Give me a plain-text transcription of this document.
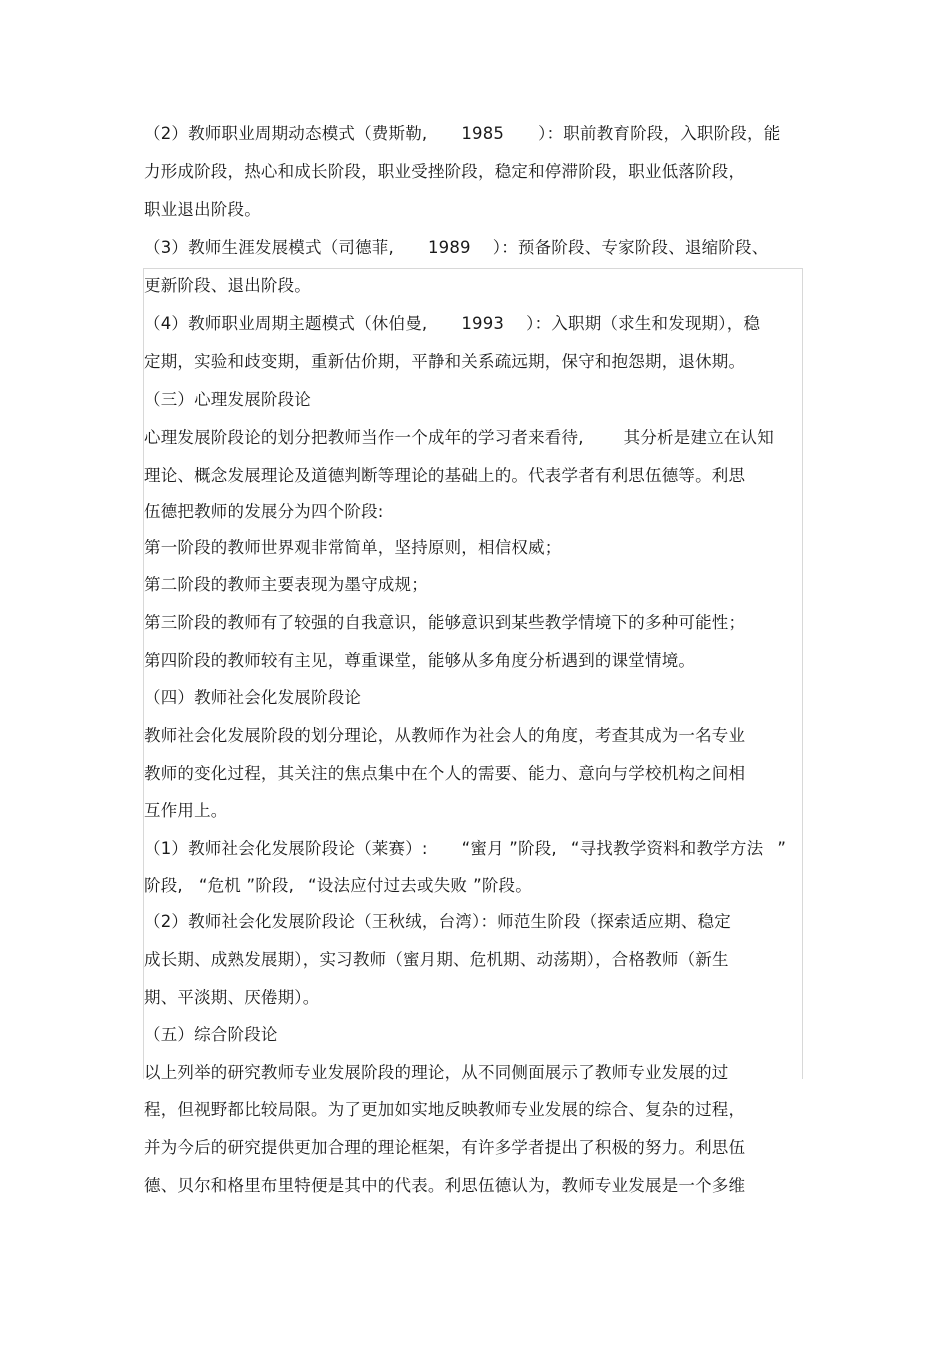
（2）教师职业周期动态模式（费斯勒, 1985 ）：职前教育阶段，入职阶段，能
力形成阶段，热心和成长阶段，职业受挫阶段，稳定和停滞阶段，职业低落阶段，
职业退出阶段。
（3）教师生涯发展模式（司德菲, 1989 ）：预备阶段、专家阶段、退缩阶段、
更新阶段、退出阶段。
（4）教师职业周期主题模式（休伯曼, 1993 ）：入职期（求生和发现期），稳
定期，实验和歧变期，重新估价期，平静和关系疏远期，保守和抱怨期，退休期。
（三）心理发展阶段论
心理发展阶段论的划分把教师当作一个成年的学习者来看待, 其分析是建立在认知
理论、概念发展理论及道德判断等理论的基础上的。代表学者有利思伍德等。利思
伍德把教师的发展分为四个阶段:
第一阶段的教师世界观非常简单，坚持原则，相信权威；
第二阶段的教师主要表现为墨守成规；
第三阶段的教师有了较强的自我意识，能够意识到某些教学情境下的多种可能性；
第四阶段的教师较有主见，尊重课堂，能够从多角度分析遇到的课堂情境。
（四）教师社会化发展阶段论
教师社会化发展阶段的划分理论，从教师作为社会人的角度，考查其成为一名专业
教师的变化过程，其关注的焦点集中在个人的需要、能力、意向与学校机构之间相
互作用上。
（1）教师社会化发展阶段论（莱赛）: “蜜月 ”阶段, “寻找教学资料和教学方法 ”
阶段, “危机 ”阶段, “设法应付过去或失败 ”阶段。
（2）教师社会化发展阶段论（王秋绒，台湾）：师范生阶段（探索适应期、稳定
成长期、成熟发展期），实习教师（蜜月期、危机期、动荡期），合格教师（新生
期、平淡期、厌倦期）。
（五）综合阶段论
以上列举的研究教师专业发展阶段的理论，从不同侧面展示了教师专业发展的过
程，但视野都比较局限。为了更加如实地反映教师专业发展的综合、复杂的过程，
并为今后的研究提供更加合理的理论框架，有许多学者提出了积极的努力。利思伍
德、贝尔和格里布里特便是其中的代表。利思伍德认为，教师专业发展是一个多维
